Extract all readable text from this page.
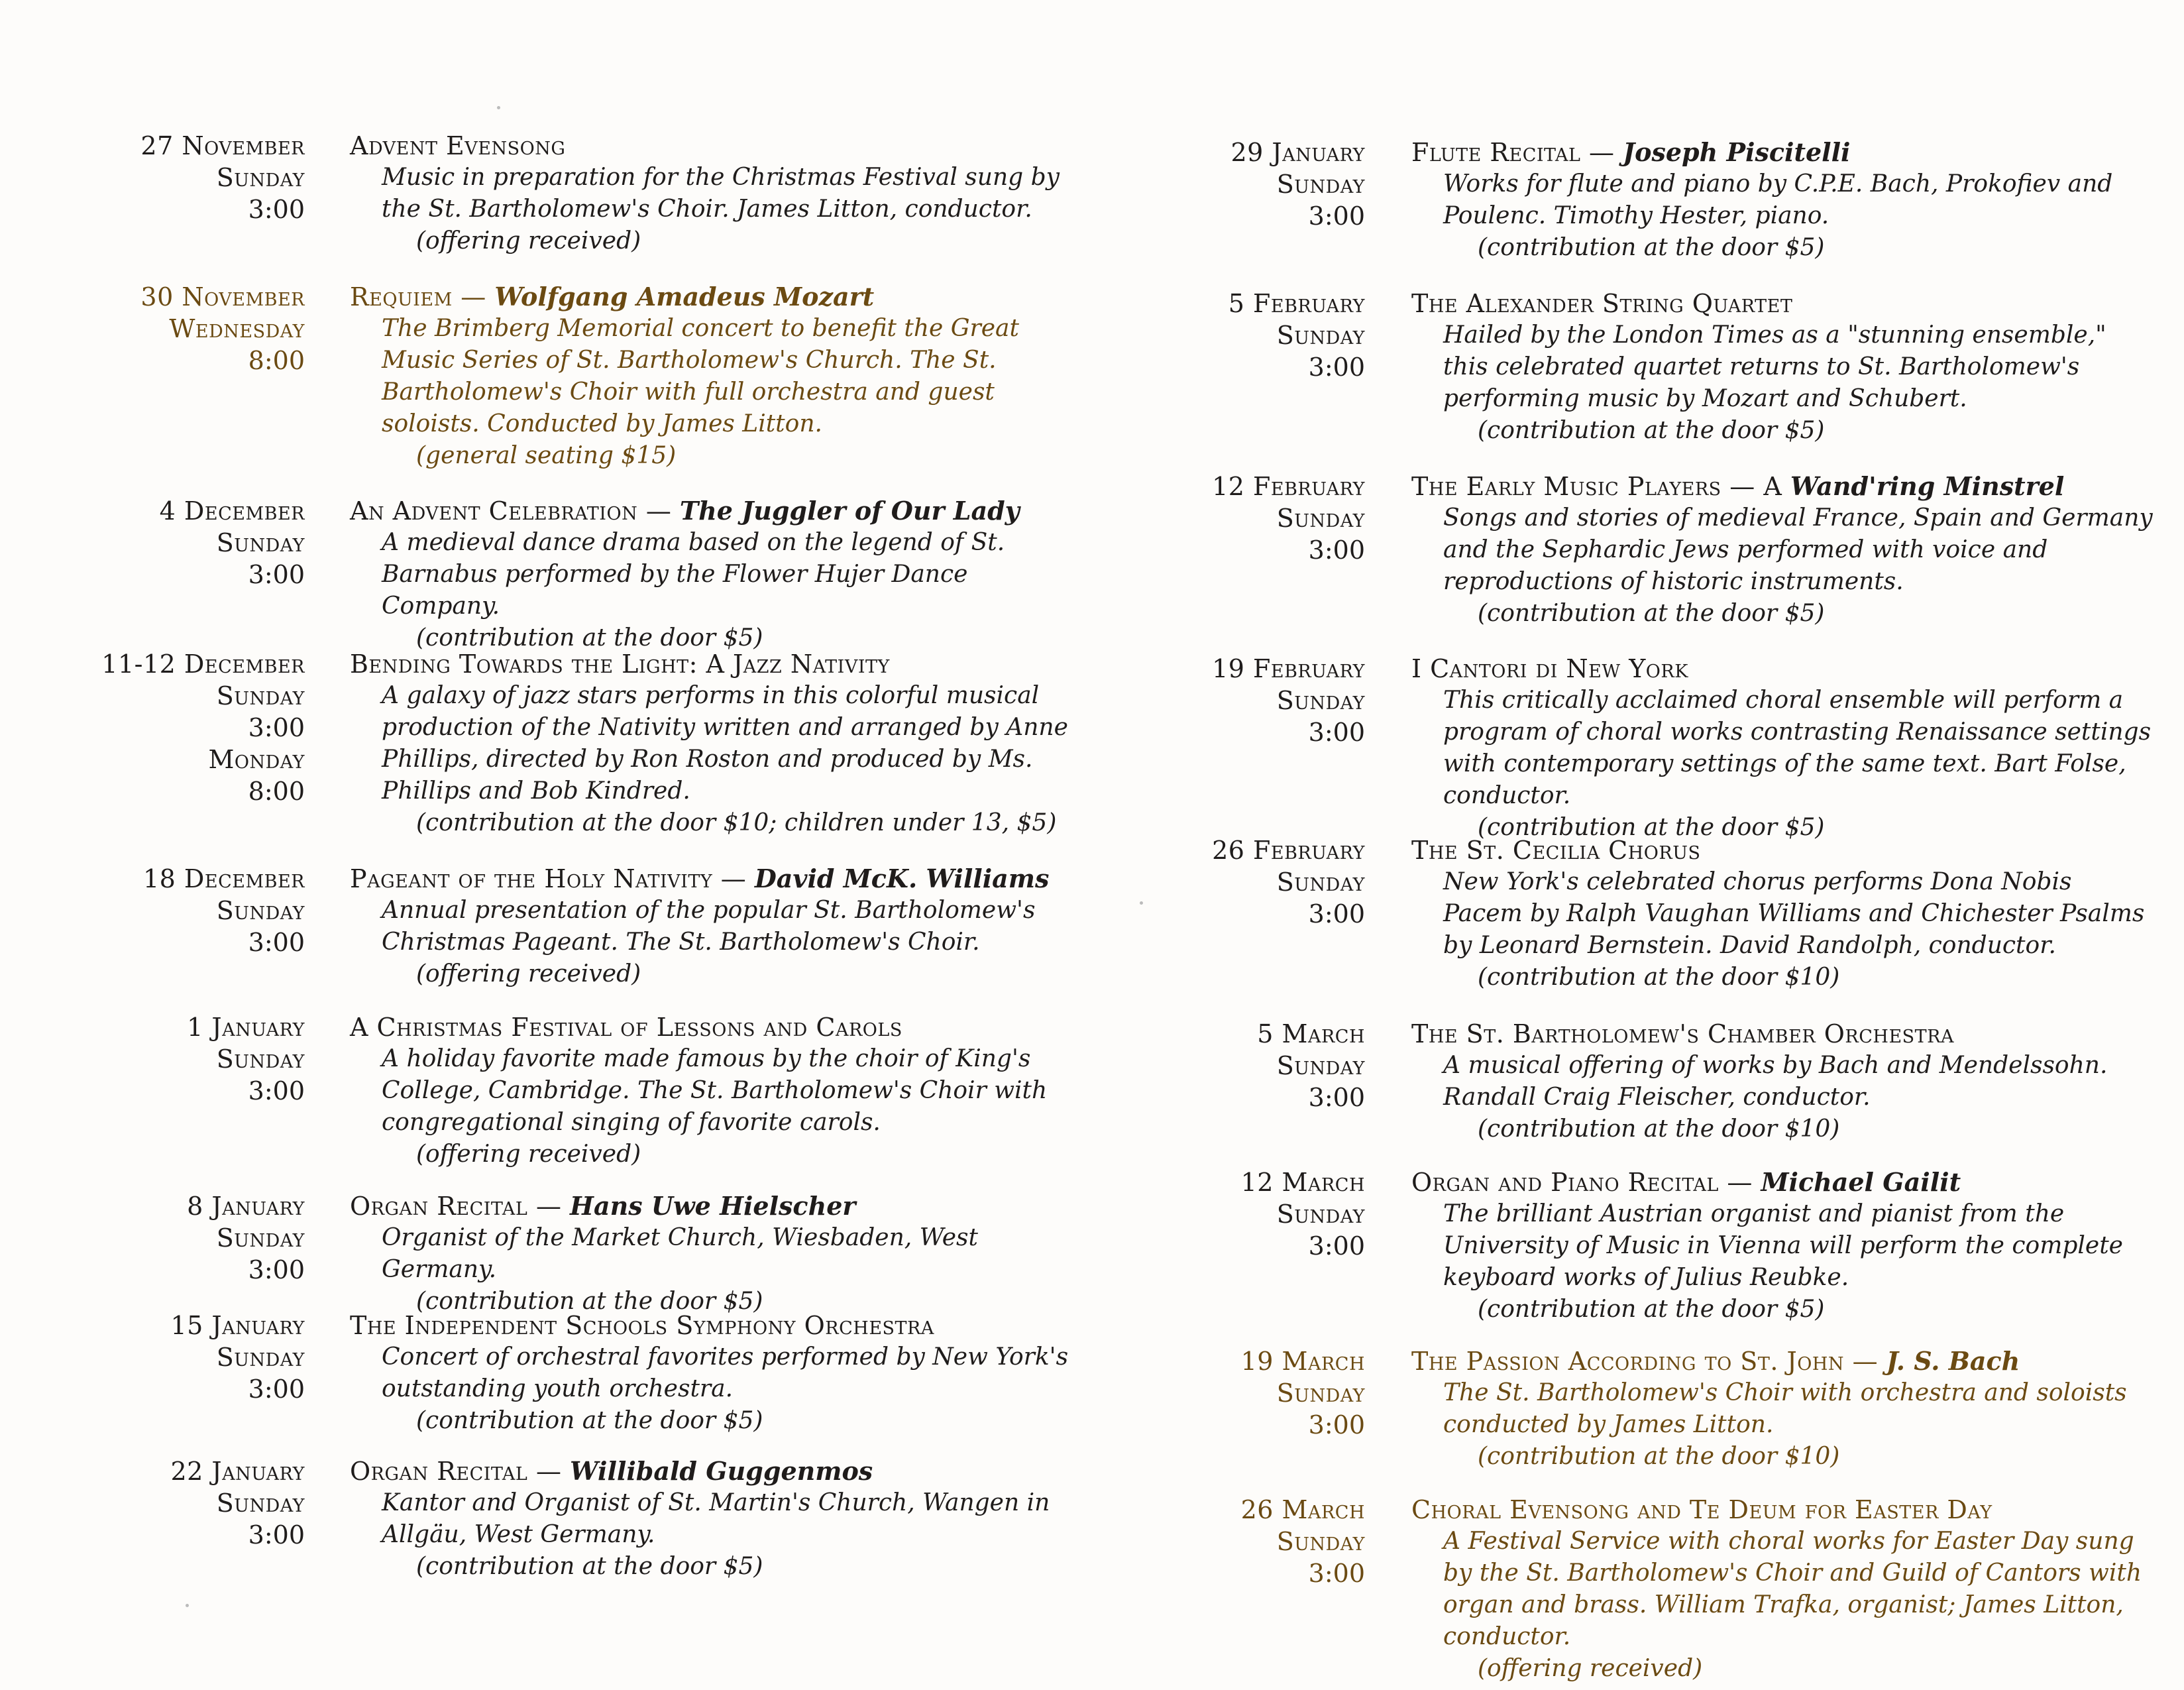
27 November
Sunday
3:00
Advent Evensong
Music in preparation for the Christmas Festival sung by the St. Bartholomew's Choir. James Litton, conductor.
(offering received)
30 November
Wednesday
8:00
Requiem — Wolfgang Amadeus Mozart
The Brimberg Memorial concert to benefit the Great Music Series of St. Bartholomew's Church. The St. Bartholomew's Choir with full orchestra and guest soloists. Conducted by James Litton.
(general seating $15)
4 December
Sunday
3:00
An Advent Celebration — The Juggler of Our Lady
A medieval dance drama based on the legend of St. Barnabus performed by the Flower Hujer Dance Company.
(contribution at the door $5)
11-12 December
Sunday
3:00
Monday
8:00
Bending Towards the Light: A Jazz Nativity
A galaxy of jazz stars performs in this colorful musical production of the Nativity written and arranged by Anne Phillips, directed by Ron Roston and produced by Ms. Phillips and Bob Kindred.
(contribution at the door $10; children under 13, $5)
18 December
Sunday
3:00
Pageant of the Holy Nativity — David McK. Williams
Annual presentation of the popular St. Bartholomew's Christmas Pageant. The St. Bartholomew's Choir.
(offering received)
1 January
Sunday
3:00
A Christmas Festival of Lessons and Carols
A holiday favorite made famous by the choir of King's College, Cambridge. The St. Bartholomew's Choir with congregational singing of favorite carols.
(offering received)
8 January
Sunday
3:00
Organ Recital — Hans Uwe Hielscher
Organist of the Market Church, Wiesbaden, West Germany.
(contribution at the door $5)
15 January
Sunday
3:00
The Independent Schools Symphony Orchestra
Concert of orchestral favorites performed by New York's outstanding youth orchestra.
(contribution at the door $5)
22 January
Sunday
3:00
Organ Recital — Willibald Guggenmos
Kantor and Organist of St. Martin's Church, Wangen in Allgäu, West Germany.
(contribution at the door $5)
29 January
Sunday
3:00
Flute Recital — Joseph Piscitelli
Works for flute and piano by C.P.E. Bach, Prokofiev and Poulenc. Timothy Hester, piano.
(contribution at the door $5)
5 February
Sunday
3:00
The Alexander String Quartet
Hailed by the London Times as a "stunning ensemble," this celebrated quartet returns to St. Bartholomew's performing music by Mozart and Schubert.
(contribution at the door $5)
12 February
Sunday
3:00
The Early Music Players — A Wand'ring Minstrel
Songs and stories of medieval France, Spain and Germany and the Sephardic Jews performed with voice and reproductions of historic instruments.
(contribution at the door $5)
19 February
Sunday
3:00
I Cantori di New York
This critically acclaimed choral ensemble will perform a program of choral works contrasting Renaissance settings with contemporary settings of the same text. Bart Folse, conductor.
(contribution at the door $5)
26 February
Sunday
3:00
The St. Cecilia Chorus
New York's celebrated chorus performs Dona Nobis Pacem by Ralph Vaughan Williams and Chichester Psalms by Leonard Bernstein. David Randolph, conductor.
(contribution at the door $10)
5 March
Sunday
3:00
The St. Bartholomew's Chamber Orchestra
A musical offering of works by Bach and Mendelssohn. Randall Craig Fleischer, conductor.
(contribution at the door $10)
12 March
Sunday
3:00
Organ and Piano Recital — Michael Gailit
The brilliant Austrian organist and pianist from the University of Music in Vienna will perform the complete keyboard works of Julius Reubke.
(contribution at the door $5)
19 March
Sunday
3:00
The Passion According to St. John — J. S. Bach
The St. Bartholomew's Choir with orchestra and soloists conducted by James Litton.
(contribution at the door $10)
26 March
Sunday
3:00
Choral Evensong and Te Deum for Easter Day
A Festival Service with choral works for Easter Day sung by the St. Bartholomew's Choir and Guild of Cantors with organ and brass. William Trafka, organist; James Litton, conductor.
(offering received)
